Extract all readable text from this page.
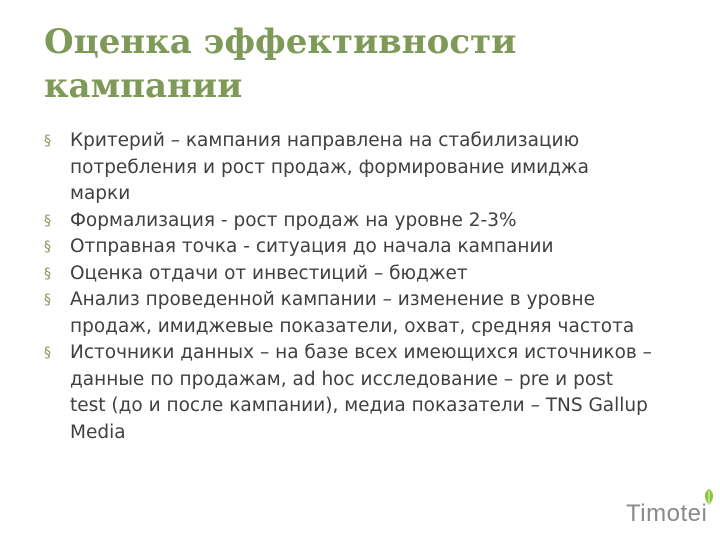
Оценка эффективности
кампании
§ Критерий – кампания направлена на стабилизацию
потребления и рост продаж, формирование имиджа
марки
§ Формализация - рост продаж на уровне 2-3%
§ Отправная точка - ситуация до начала кампании
§ Оценка отдачи от инвестиций – бюджет
§ Анализ проведенной кампании – изменение в уровне
продаж, имиджевые показатели, охват, средняя частота
§ Источники данных – на базе всех имеющихся источников –
данные по продажам, ad hoc исследование – pre и post
test (до и после кампании), медиа показатели – TNS Gallup
Media
Timotei
